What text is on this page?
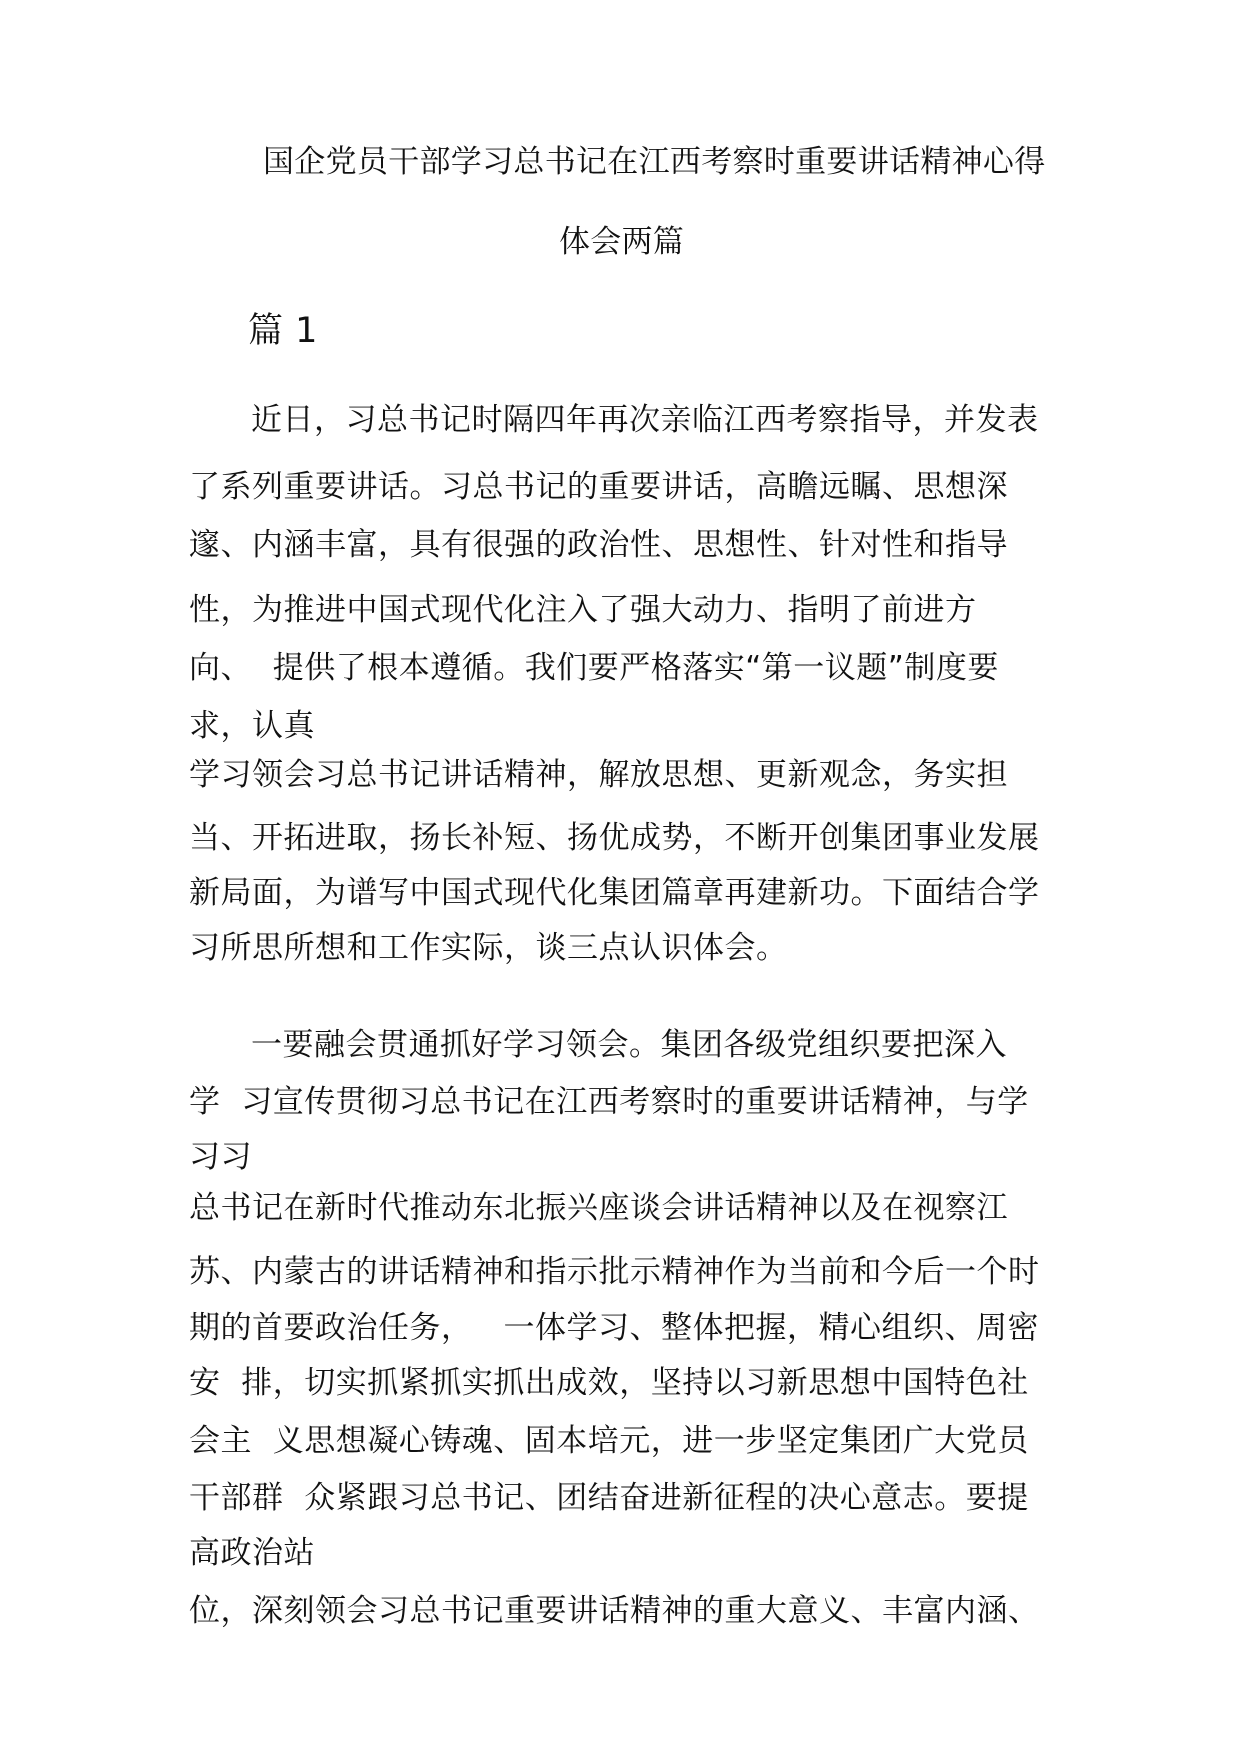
国企党员干部学习总书记在江西考察时重要讲话精神心得
体会两篇
篇 1
近日，习总书记时隔四年再次亲临江西考察指导，并发表
了系列重要讲话。习总书记的重要讲话，高瞻远瞩、思想深
邃、内涵丰富，具有很强的政治性、思想性、针对性和指导
性，为推进中国式现代化注入了强大动力、指明了前进方
向、  提供了根本遵循。我们要严格落实“第一议题”制度要
求，认真
学习领会习总书记讲话精神，解放思想、更新观念，务实担
当、开拓进取，扬长补短、扬优成势，不断开创集团事业发展
新局面，为谱写中国式现代化集团篇章再建新功。下面结合学
习所思所想和工作实际，谈三点认识体会。
一要融会贯通抓好学习领会。集团各级党组织要把深入
学  习宣传贯彻习总书记在江西考察时的重要讲话精神，与学
习习
总书记在新时代推动东北振兴座谈会讲话精神以及在视察江
苏、内蒙古的讲话精神和指示批示精神作为当前和今后一个时
期的首要政治任务，   一体学习、整体把握，精心组织、周密
安  排，切实抓紧抓实抓出成效，坚持以习新思想中国特色社
会主  义思想凝心铸魂、固本培元，进一步坚定集团广大党员
干部群  众紧跟习总书记、团结奋进新征程的决心意志。要提
高政治站
位，深刻领会习总书记重要讲话精神的重大意义、丰富内涵、
